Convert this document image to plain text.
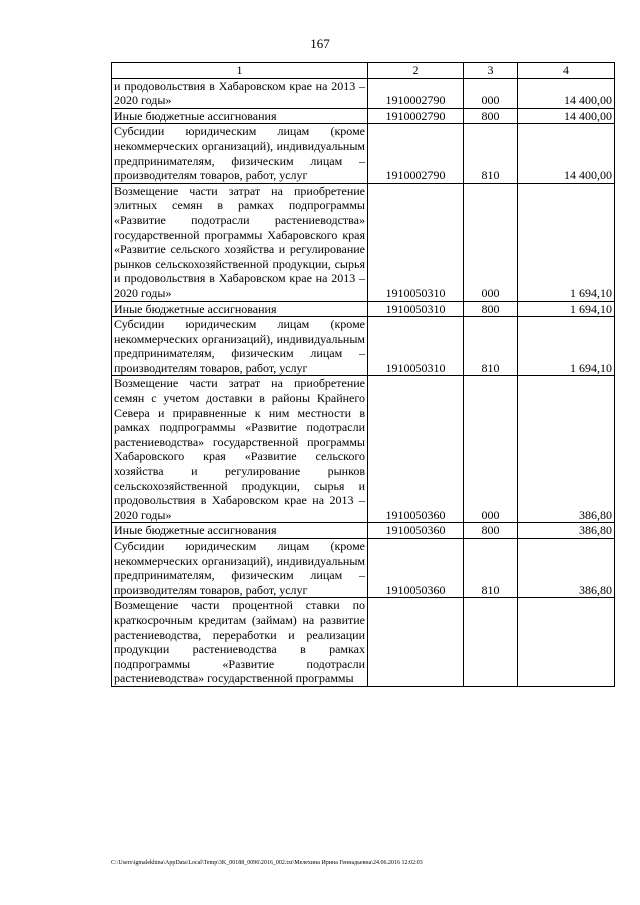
167
1	2	3	4
и продовольствия в Хабаровском крае на 2013 – 2020 годы»	1910002790	000	14 400,00
Иные бюджетные ассигнования	1910002790	800	14 400,00
Субсидии юридическим лицам (кроме некоммерческих организаций), индивидуальным предпринимателям, физическим лицам – производителям товаров, работ, услуг	1910002790	810	14 400,00
Возмещение части затрат на приобретение элитных семян в рамках подпрограммы «Развитие подотрасли растениеводства» государственной программы Хабаровского края «Развитие сельского хозяйства и регулирование рынков сельскохозяйственной продукции, сырья и продовольствия в Хабаровском крае на 2013 – 2020 годы»	1910050310	000	1 694,10
Иные бюджетные ассигнования	1910050310	800	1 694,10
Субсидии юридическим лицам (кроме некоммерческих организаций), индивидуальным предпринимателям, физическим лицам – производителям товаров, работ, услуг	1910050310	810	1 694,10
Возмещение части затрат на приобретение семян с учетом доставки в районы Крайнего Севера и приравненные к ним местности в рамках подпрограммы «Развитие подотрасли растениеводства» государственной программы Хабаровского края «Развитие сельского хозяйства и регулирование рынков сельскохозяйственной продукции, сырья и продовольствия в Хабаровском крае на 2013 – 2020 годы»	1910050360	000	386,80
Иные бюджетные ассигнования	1910050360	800	386,80
Субсидии юридическим лицам (кроме некоммерческих организаций), индивидуальным предпринимателям, физическим лицам – производителям товаров, работ, услуг	1910050360	810	386,80
Возмещение части процентной ставки по краткосрочным кредитам (займам) на развитие растениеводства, переработки и реализации продукции растениеводства в рамках подпрограммы «Развитие подотрасли растениеводства» государственной программы			
C:\Users\igmalekhina\AppData\Local\Temp\3K_00188_0096\2016_002.txt\Мелехина Ирина Геннадьевна\24.06.2016 12:02:03
